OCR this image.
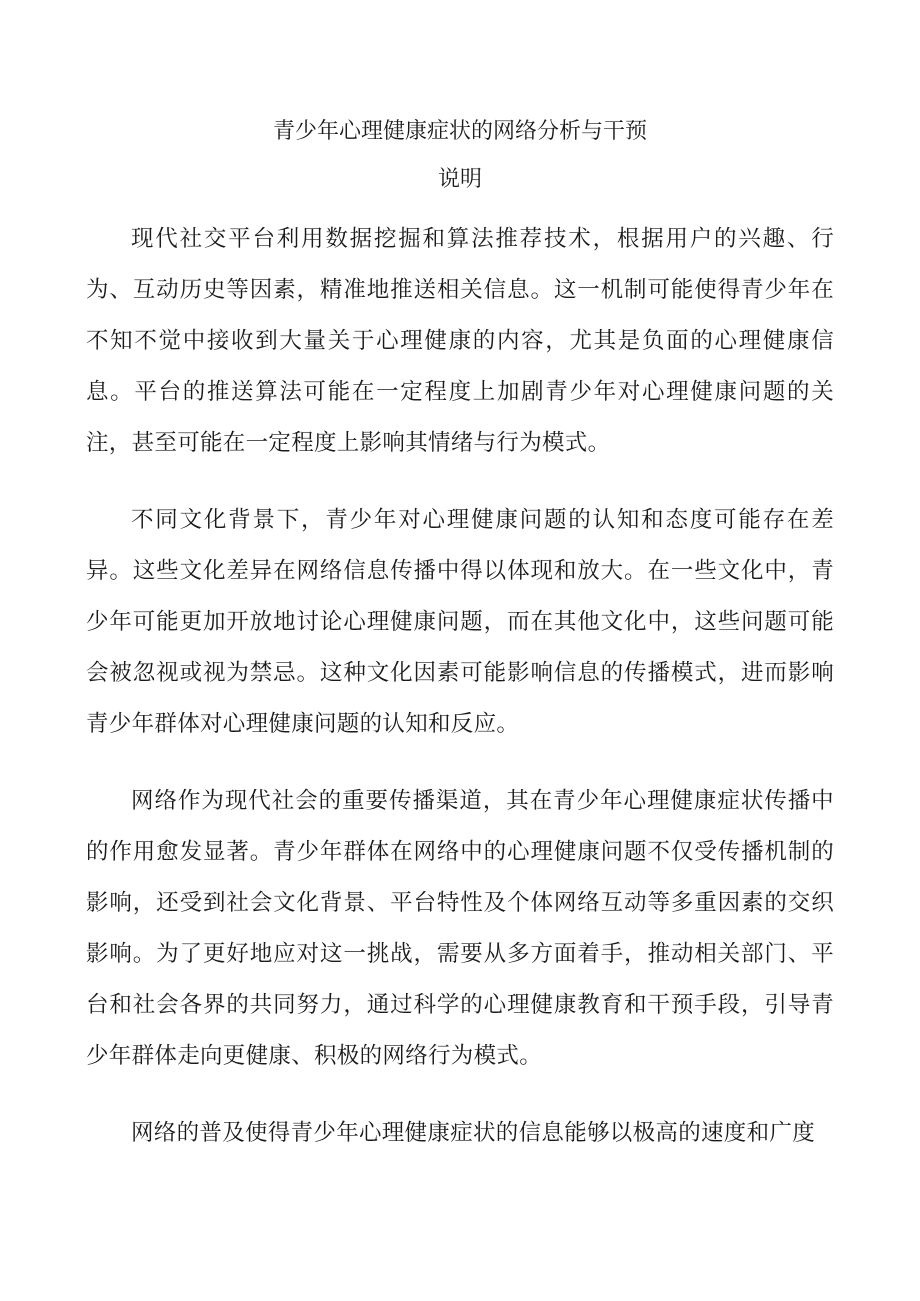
青少年心理健康症状的网络分析与干预
说明

现代社交平台利用数据挖掘和算法推荐技术，根据用户的兴趣、行为、互动历史等因素，精准地推送相关信息。这一机制可能使得青少年在不知不觉中接收到大量关于心理健康的内容，尤其是负面的心理健康信息。平台的推送算法可能在一定程度上加剧青少年对心理健康问题的关注，甚至可能在一定程度上影响其情绪与行为模式。

不同文化背景下，青少年对心理健康问题的认知和态度可能存在差异。这些文化差异在网络信息传播中得以体现和放大。在一些文化中，青少年可能更加开放地讨论心理健康问题，而在其他文化中，这些问题可能会被忽视或视为禁忌。这种文化因素可能影响信息的传播模式，进而影响青少年群体对心理健康问题的认知和反应。

网络作为现代社会的重要传播渠道，其在青少年心理健康症状传播中的作用愈发显著。青少年群体在网络中的心理健康问题不仅受传播机制的影响，还受到社会文化背景、平台特性及个体网络互动等多重因素的交织影响。为了更好地应对这一挑战，需要从多方面着手，推动相关部门、平台和社会各界的共同努力，通过科学的心理健康教育和干预手段，引导青少年群体走向更健康、积极的网络行为模式。

网络的普及使得青少年心理健康症状的信息能够以极高的速度和广度
